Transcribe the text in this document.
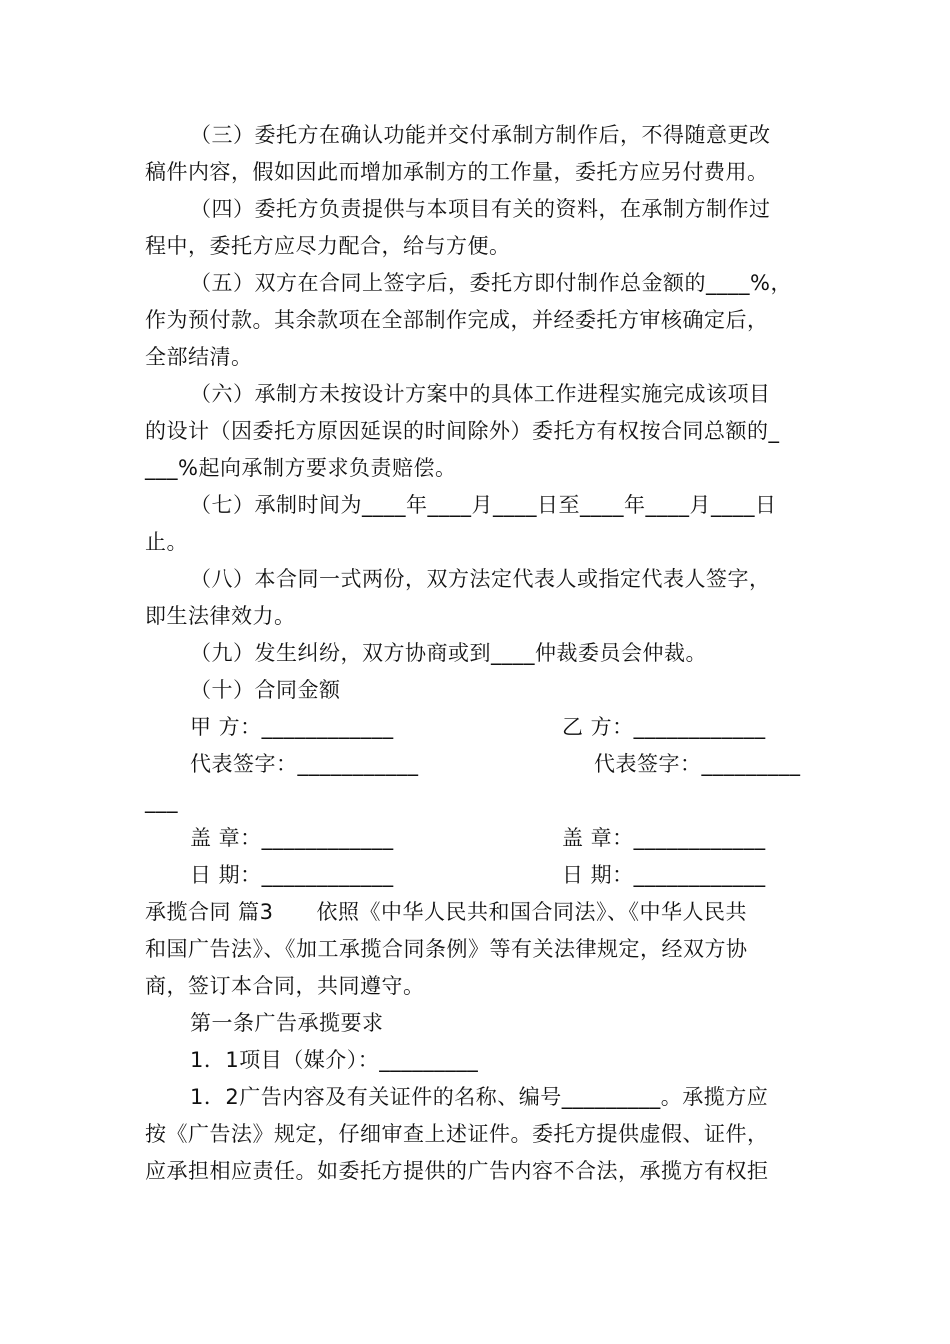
（三）委托方在确认功能并交付承制方制作后，不得随意更改
稿件内容，假如因此而增加承制方的工作量，委托方应另付费用。
（四）委托方负责提供与本项目有关的资料，在承制方制作过
程中，委托方应尽力配合，给与方便。
（五）双方在合同上签字后，委托方即付制作总金额的____%，
作为预付款。其余款项在全部制作完成，并经委托方审核确定后，
全部结清。
（六）承制方未按设计方案中的具体工作进程实施完成该项目
的设计（因委托方原因延误的时间除外）委托方有权按合同总额的_
___%起向承制方要求负责赔偿。
（七）承制时间为____年____月____日至____年____月____日
止。
（八）本合同一式两份，双方法定代表人或指定代表人签字，
即生法律效力。
（九）发生纠纷，双方协商或到____仲裁委员会仲裁。
（十）合同金额
甲 方：____________	乙 方：____________
代表签字：___________	代表签字：_________
___
盖 章：____________	盖 章：____________
日 期：____________	日 期：____________
承揽合同 篇3　　依照《中华人民共和国合同法》、《中华人民共
和国广告法》、《加工承揽合同条例》等有关法律规定，经双方协
商，签订本合同，共同遵守。
第一条广告承揽要求
1．1项目（媒介）：_________
1．2广告内容及有关证件的名称、编号_________。承揽方应
按《广告法》规定，仔细审查上述证件。委托方提供虚假、证件，
应承担相应责任。如委托方提供的广告内容不合法，承揽方有权拒
